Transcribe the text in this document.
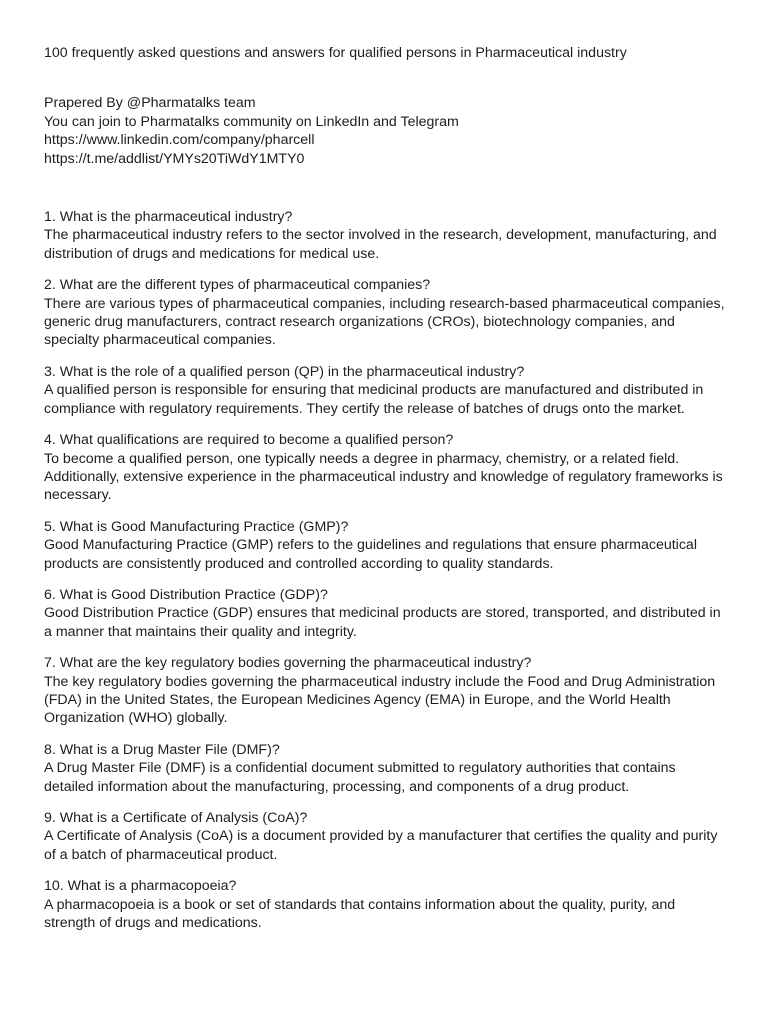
100 frequently asked questions and answers for qualified persons in Pharmaceutical industry
Prapered By @Pharmatalks team
You can join to Pharmatalks community on LinkedIn and Telegram
https://www.linkedin.com/company/pharcell
https://t.me/addlist/YMYs20TiWdY1MTY0
1. What is the pharmaceutical industry?
The pharmaceutical industry refers to the sector involved in the research, development, manufacturing, and distribution of drugs and medications for medical use.
2. What are the different types of pharmaceutical companies?
There are various types of pharmaceutical companies, including research-based pharmaceutical companies, generic drug manufacturers, contract research organizations (CROs), biotechnology companies, and specialty pharmaceutical companies.
3. What is the role of a qualified person (QP) in the pharmaceutical industry?
A qualified person is responsible for ensuring that medicinal products are manufactured and distributed in compliance with regulatory requirements. They certify the release of batches of drugs onto the market.
4. What qualifications are required to become a qualified person?
To become a qualified person, one typically needs a degree in pharmacy, chemistry, or a related field. Additionally, extensive experience in the pharmaceutical industry and knowledge of regulatory frameworks is necessary.
5. What is Good Manufacturing Practice (GMP)?
Good Manufacturing Practice (GMP) refers to the guidelines and regulations that ensure pharmaceutical products are consistently produced and controlled according to quality standards.
6. What is Good Distribution Practice (GDP)?
Good Distribution Practice (GDP) ensures that medicinal products are stored, transported, and distributed in a manner that maintains their quality and integrity.
7. What are the key regulatory bodies governing the pharmaceutical industry?
The key regulatory bodies governing the pharmaceutical industry include the Food and Drug Administration (FDA) in the United States, the European Medicines Agency (EMA) in Europe, and the World Health Organization (WHO) globally.
8. What is a Drug Master File (DMF)?
A Drug Master File (DMF) is a confidential document submitted to regulatory authorities that contains detailed information about the manufacturing, processing, and components of a drug product.
9. What is a Certificate of Analysis (CoA)?
A Certificate of Analysis (CoA) is a document provided by a manufacturer that certifies the quality and purity of a batch of pharmaceutical product.
10. What is a pharmacopoeia?
A pharmacopoeia is a book or set of standards that contains information about the quality, purity, and strength of drugs and medications.
